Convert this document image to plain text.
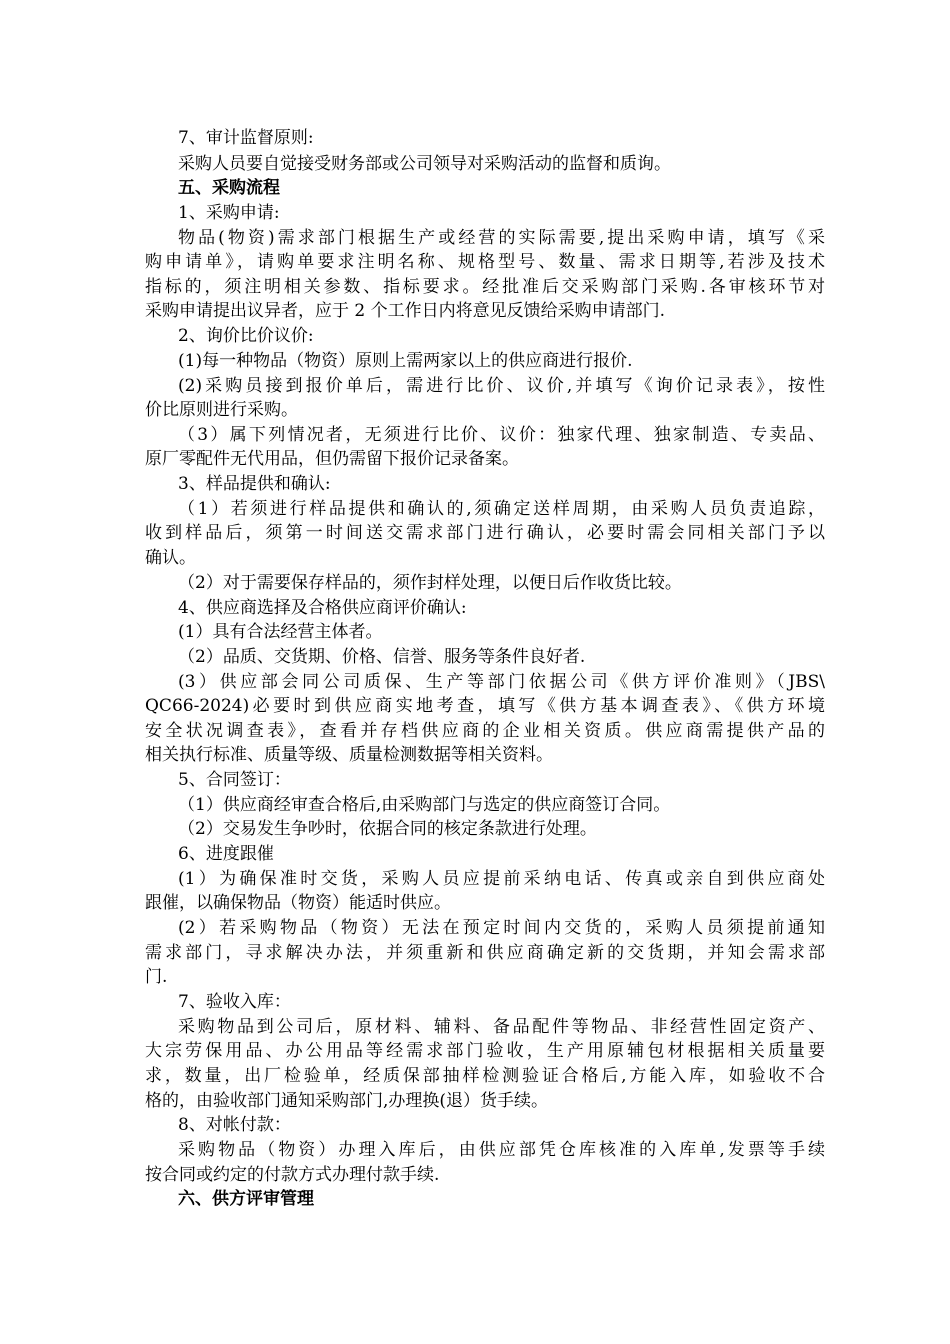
7、审计监督原则:
采购人员要自觉接受财务部或公司领导对采购活动的监督和质询。
五、采购流程
1、采购申请:
物品(物资)需求部门根据生产或经营的实际需要,提出采购申请，填写《采
购申请单》，请购单要求注明名称、规格型号、数量、需求日期等,若涉及技术
指标的，须注明相关参数、指标要求。经批准后交采购部门采购.各审核环节对
采购申请提出议异者，应于 2 个工作日内将意见反馈给采购申请部门.
2、询价比价议价:
(1)每一种物品（物资）原则上需两家以上的供应商进行报价.
(2)采购员接到报价单后，需进行比价、议价,并填写《询价记录表》，按性
价比原则进行采购。
（3）属下列情况者，无须进行比价、议价：独家代理、独家制造、专卖品、
原厂零配件无代用品，但仍需留下报价记录备案。
3、样品提供和确认:
（1）若须进行样品提供和确认的,须确定送样周期，由采购人员负责追踪，
收到样品后，须第一时间送交需求部门进行确认，必要时需会同相关部门予以
确认。
（2）对于需要保存样品的，须作封样处理，以便日后作收货比较。
4、供应商选择及合格供应商评价确认:
(1）具有合法经营主体者。
（2）品质、交货期、价格、信誉、服务等条件良好者.
(3）供应部会同公司质保、生产等部门依据公司《供方评价准则》（JBS\
QC66-2024)必要时到供应商实地考查，填写《供方基本调查表》、《供方环境
安全状况调查表》，查看并存档供应商的企业相关资质。供应商需提供产品的
相关执行标准、质量等级、质量检测数据等相关资料。
5、合同签订：
（1）供应商经审查合格后,由采购部门与选定的供应商签订合同。
（2）交易发生争吵时，依据合同的核定条款进行处理。
6、进度跟催
(1）为确保准时交货，采购人员应提前采纳电话、传真或亲自到供应商处
跟催，以确保物品（物资）能适时供应。
(2）若采购物品（物资）无法在预定时间内交货的，采购人员须提前通知
需求部门，寻求解决办法，并须重新和供应商确定新的交货期，并知会需求部
门.
7、验收入库：
采购物品到公司后，原材料、辅料、备品配件等物品、非经营性固定资产、
大宗劳保用品、办公用品等经需求部门验收，生产用原辅包材根据相关质量要
求，数量，出厂检验单，经质保部抽样检测验证合格后,方能入库，如验收不合
格的，由验收部门通知采购部门,办理换(退）货手续。
8、对帐付款：
采购物品（物资）办理入库后，由供应部凭仓库核准的入库单,发票等手续
按合同或约定的付款方式办理付款手续.
六、供方评审管理
